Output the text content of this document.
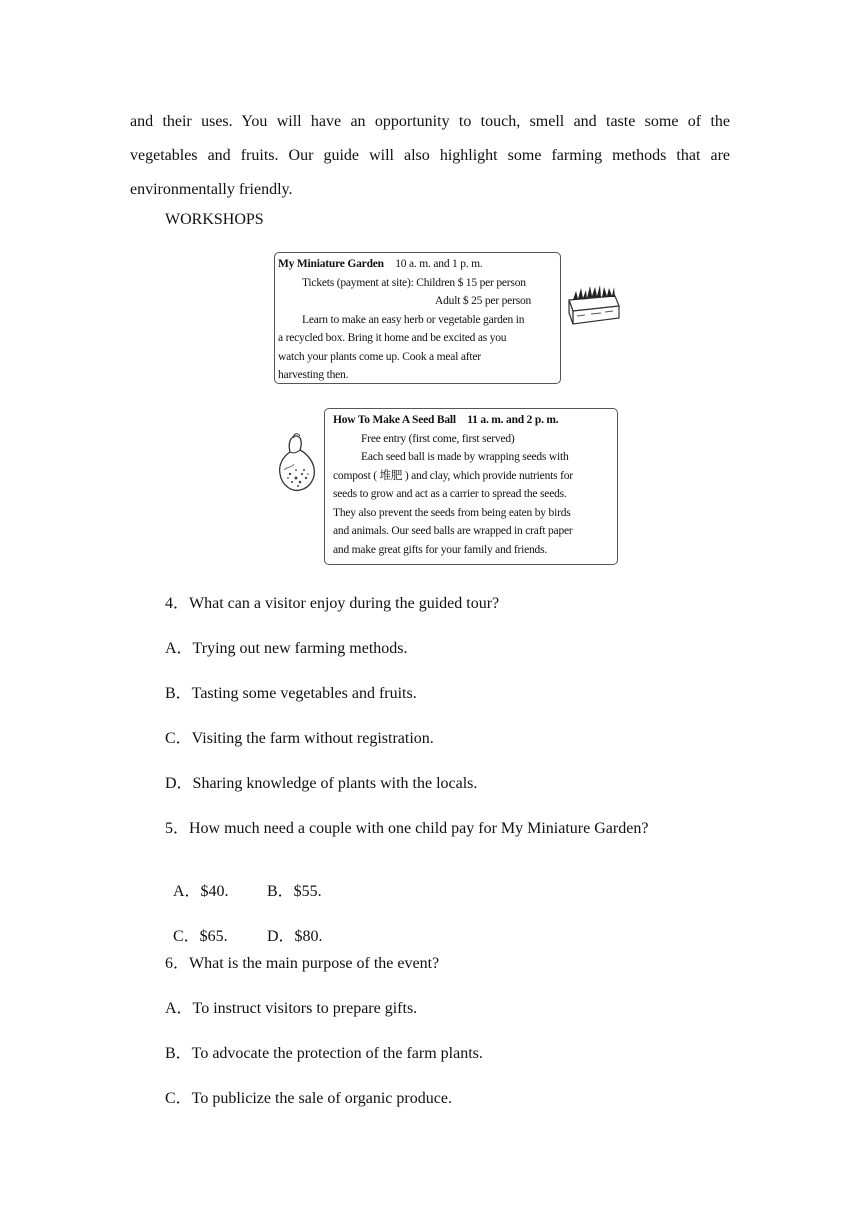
and their uses. You will have an opportunity to touch, smell and taste some of the
vegetables and fruits. Our guide will also highlight some farming methods that are
environmentally friendly.
WORKSHOPS
My Miniature Garden 10 a. m. and 1 p. m.
Tickets (payment at site): Children $ 15 per person
Adult $ 25 per person
Learn to make an easy herb or vegetable garden in
a recycled box. Bring it home and be excited as you
watch your plants come up. Cook a meal after
harvesting then.
How To Make A Seed Ball 11 a. m. and 2 p. m.
Free entry (first come, first served)
Each seed ball is made by wrapping seeds with
compost ( 堆肥 ) and clay, which provide nutrients for
seeds to grow and act as a carrier to spread the seeds.
They also prevent the seeds from being eaten by birds
and animals. Our seed balls are wrapped in craft paper
and make great gifts for your family and friends.
4．What can a visitor enjoy during the guided tour?
A．Trying out new farming methods.
B．Tasting some vegetables and fruits.
C．Visiting the farm without registration.
D．Sharing knowledge of plants with the locals.
5．How much need a couple with one child pay for My Miniature Garden?

A．$40. B．$55.

C．$65. D．$80.

6．What is the main purpose of the event?
A．To instruct visitors to prepare gifts.
B．To advocate the protection of the farm plants.
C．To publicize the sale of organic produce.
